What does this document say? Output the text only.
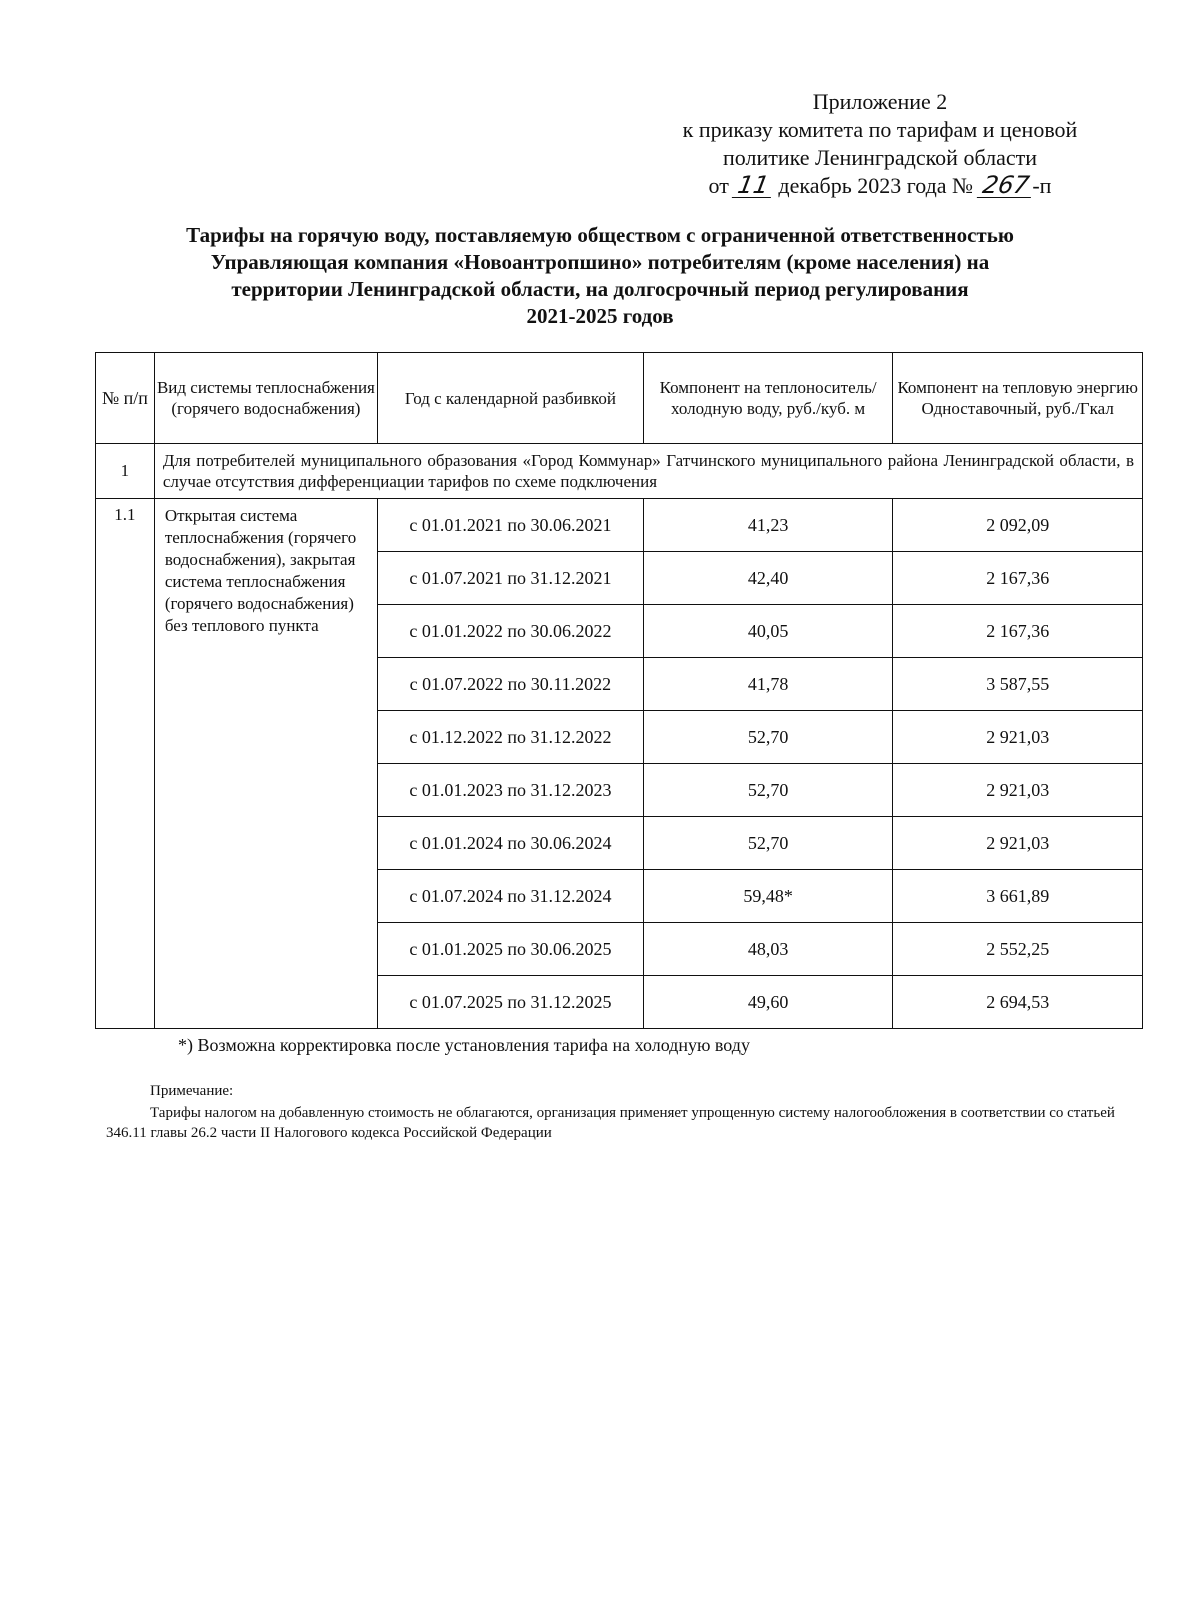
Приложение 2
к приказу комитета по тарифам и ценовой
политике Ленинградской области
от 11 декабрь 2023 года № 267-п
Тарифы на горячую воду, поставляемую обществом с ограниченной ответственностью
Управляющая компания «Новоантропшино» потребителям (кроме населения) на
территории Ленинградской области, на долгосрочный период регулирования
2021-2025 годов
№ п/п	Вид системы теплоснабжения (горячего водоснабжения)	Год с календарной разбивкой	Компонент на теплоноситель/холодную воду, руб./куб. м	Компонент на тепловую энергию Одноставочный, руб./Гкал
1	Для потребителей муниципального образования «Город Коммунар» Гатчинского муниципального района Ленинградской области, в случае отсутствия дифференциации тарифов по схеме подключения			
1.1	Открытая система теплоснабжения (горячего водоснабжения), закрытая система теплоснабжения (горячего водоснабжения) без теплового пункта	с 01.01.2021 по 30.06.2021	41,23	2 092,09
		с 01.07.2021 по 31.12.2021	42,40	2 167,36
		с 01.01.2022 по 30.06.2022	40,05	2 167,36
		с 01.07.2022 по 30.11.2022	41,78	3 587,55
		с 01.12.2022 по 31.12.2022	52,70	2 921,03
		с 01.01.2023 по 31.12.2023	52,70	2 921,03
		с 01.01.2024 по 30.06.2024	52,70	2 921,03
		с 01.07.2024 по 31.12.2024	59,48*	3 661,89
		с 01.01.2025 по 30.06.2025	48,03	2 552,25
		с 01.07.2025 по 31.12.2025	49,60	2 694,53
*) Возможна корректировка после установления тарифа на холодную воду
Примечание:
Тарифы налогом на добавленную стоимость не облагаются, организация применяет упрощенную систему налогообложения в соответствии со статьей 346.11 главы 26.2 части II Налогового кодекса Российской Федерации
